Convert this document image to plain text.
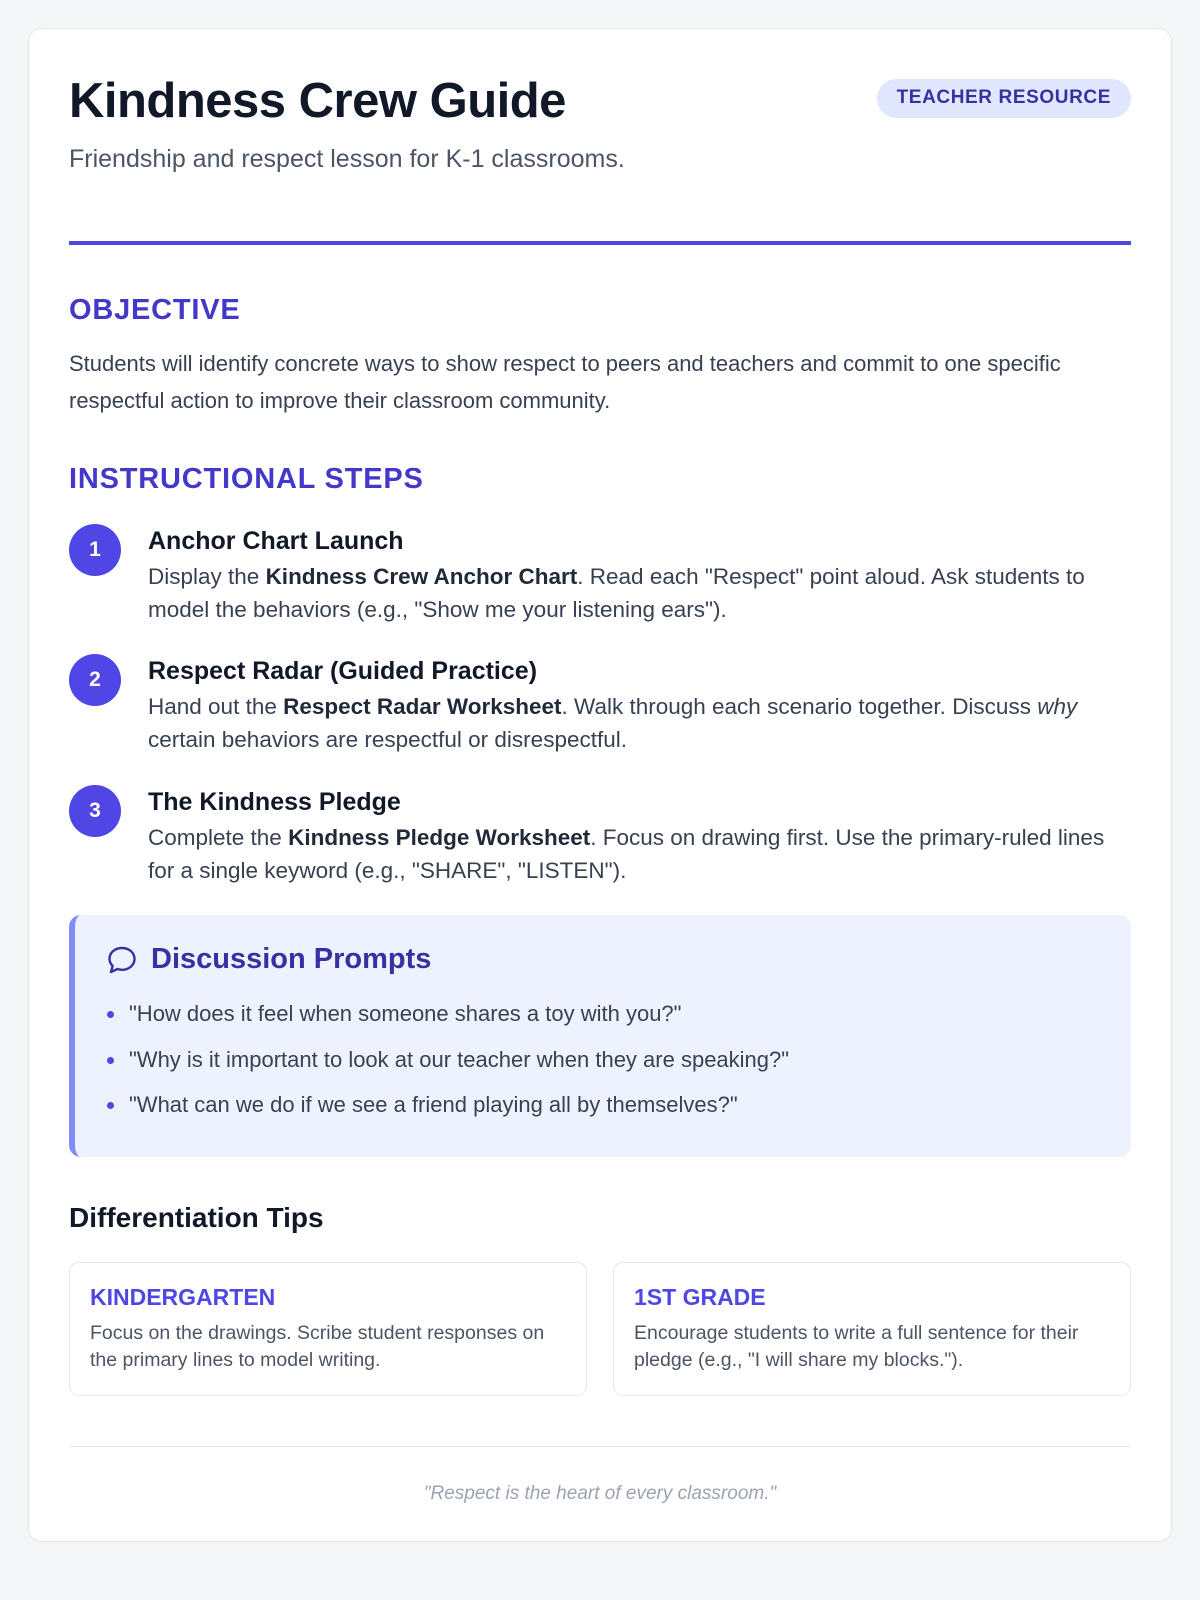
Kindness Crew Guide
Friendship and respect lesson for K-1 classrooms.
TEACHER RESOURCE
OBJECTIVE
Students will identify concrete ways to show respect to peers and teachers and commit to one specific respectful action to improve their classroom community.
INSTRUCTIONAL STEPS
1	Anchor Chart Launch
Display the Kindness Crew Anchor Chart. Read each "Respect" point aloud. Ask students to model the behaviors (e.g., "Show me your listening ears").
2	Respect Radar (Guided Practice)
Hand out the Respect Radar Worksheet. Walk through each scenario together. Discuss why certain behaviors are respectful or disrespectful.
3	The Kindness Pledge
Complete the Kindness Pledge Worksheet. Focus on drawing first. Use the primary-ruled lines for a single keyword (e.g., "SHARE", "LISTEN").
Discussion Prompts
"How does it feel when someone shares a toy with you?"
"Why is it important to look at our teacher when they are speaking?"
"What can we do if we see a friend playing all by themselves?"
Differentiation Tips
KINDERGARTEN
Focus on the drawings. Scribe student responses on the primary lines to model writing.
1ST GRADE
Encourage students to write a full sentence for their pledge (e.g., "I will share my blocks.").
"Respect is the heart of every classroom."
